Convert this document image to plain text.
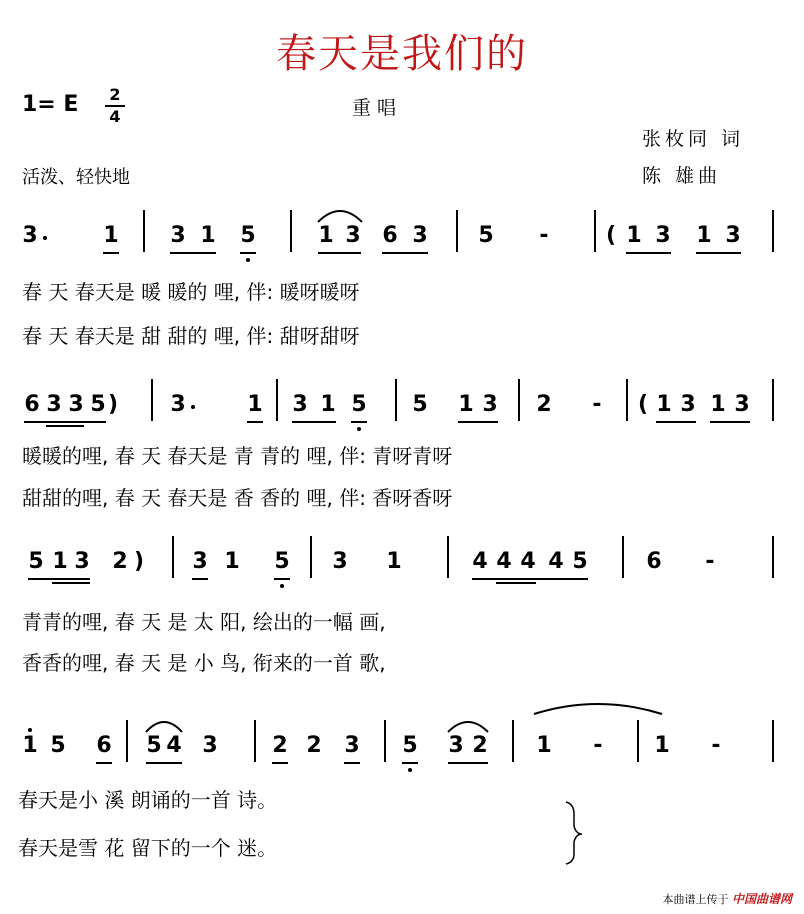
春天是我们的
1= E 2
4	重唱
张枚同 词
陈 雄曲
活泼、轻快地
3	1 3 1 5	1 3 6 3 5 -	( 1 3 1 3
春 天 春天是 暖 暖的 哩, 伴: 暖呀暖呀
春 天 春天是 甜 甜的 哩, 伴: 甜呀甜呀
6 3 3 5 ) 3	1 3 1 5 5 1 3 2 - ( 1 3 1 3
暖暖的哩, 春 天 春天是 青 青的 哩, 伴: 青呀青呀
甜甜的哩, 春 天 春天是 香 香的 哩, 伴: 香呀香呀
5 1 3 2 ) 3 1 5 3 1	4 4 4 4 5	6 -
青青的哩, 春 天 是 太 阳, 绘出的一幅 画,
香香的哩, 春 天 是 小 鸟, 衔来的一首 歌,
1 5 6 5 4 3 2 2 3 5 3 2 1 - 1 -
春天是小 溪 朗诵的一首 诗。
春天是雪 花 留下的一个 迷。
本曲谱上传于 中国曲谱网
